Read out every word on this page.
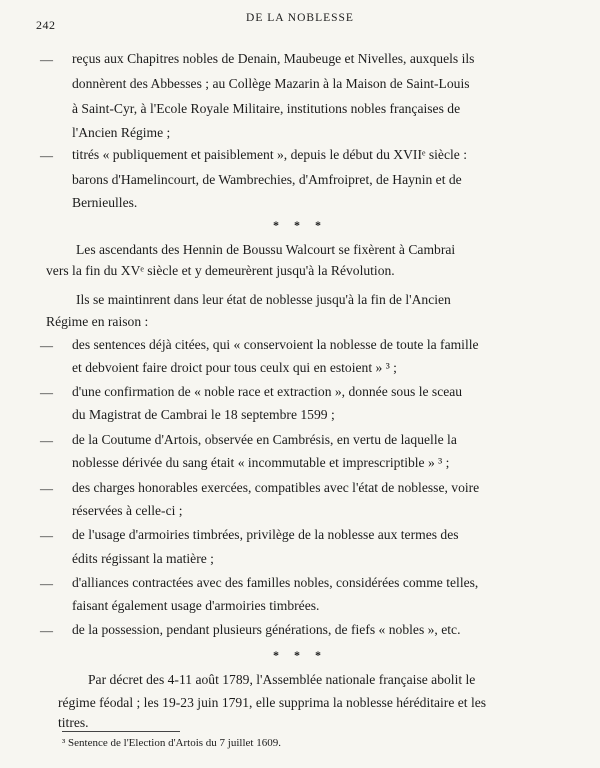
242	DE LA NOBLESSE
— reçus aux Chapitres nobles de Denain, Maubeuge et Nivelles, auxquels ils
donnèrent des Abbesses ; au Collège Mazarin à la Maison de Saint-Louis
à Saint-Cyr, à l'Ecole Royale Militaire, institutions nobles françaises de
l'Ancien Régime ;
— titrés « publiquement et paisiblement », depuis le début du XVIIᵉ siècle :
barons d'Hamelincourt, de Wambrechies, d'Amfroipret, de Haynin et de
Bernieulles.
* * *
Les ascendants des Hennin de Boussu Walcourt se fixèrent à Cambrai
vers la fin du XVᵉ siècle et y demeurèrent jusqu'à la Révolution.
Ils se maintinrent dans leur état de noblesse jusqu'à la fin de l'Ancien
Régime en raison :
— des sentences déjà citées, qui « conservoient la noblesse de toute la famille
et debvoient faire droict pour tous ceulx qui en estoient » ³ ;
— d'une confirmation de « noble race et extraction », donnée sous le sceau
du Magistrat de Cambrai le 18 septembre 1599 ;
— de la Coutume d'Artois, observée en Cambrésis, en vertu de laquelle la
noblesse dérivée du sang était « incommutable et imprescriptible » ³ ;
— des charges honorables exercées, compatibles avec l'état de noblesse, voire
réservées à celle-ci ;
— de l'usage d'armoiries timbrées, privilège de la noblesse aux termes des
édits régissant la matière ;
— d'alliances contractées avec des familles nobles, considérées comme telles,
faisant également usage d'armoiries timbrées.
— de la possession, pendant plusieurs générations, de fiefs « nobles », etc.
* * *
Par décret des 4-11 août 1789, l'Assemblée nationale française abolit le
régime féodal ; les 19-23 juin 1791, elle supprima la noblesse héréditaire et les
titres.
³ Sentence de l'Election d'Artois du 7 juillet 1609.
